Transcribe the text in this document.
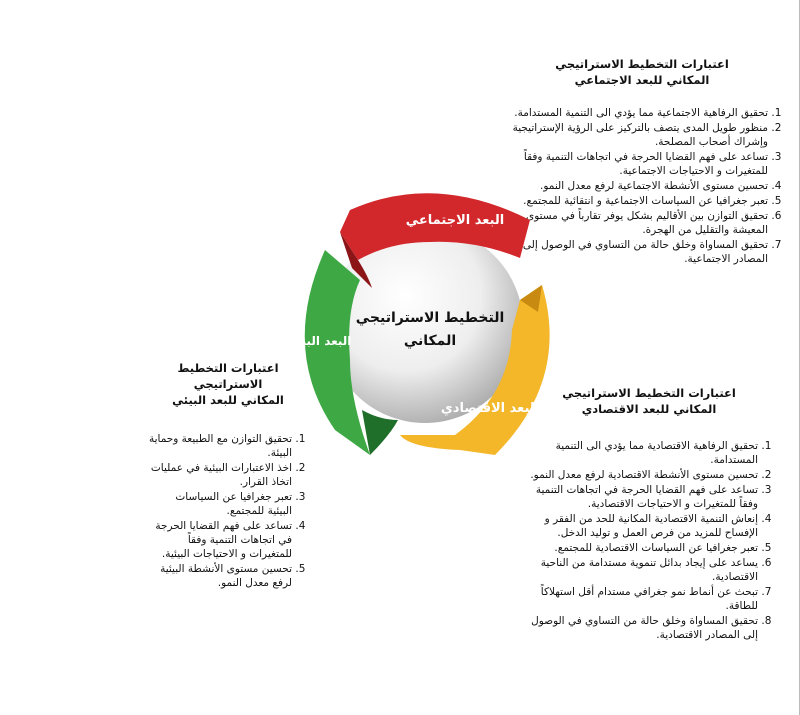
اعتبارات التخطيط الاستراتيجي
المكاني للبعد الاجتماعي
1. تحقيق الرفاهية الاجتماعية مما يؤدي الى التنمية المستدامة.
2. منظور طويل المدى يتصف بالتركيز على الرؤية الإستراتيجية وإشراك أصحاب المصلحة.
3. تساعد على فهم القضايا الحرجة في اتجاهات التنمية وفقاً للمتغيرات و الاحتياجات الاجتماعية.
4. تحسين مستوى الأنشطة الاجتماعية لرفع معدل النمو.
5. تعبر جغرافيا عن السياسات الاجتماعية و انتقائية للمجتمع.
6. تحقيق التوازن بين الأقاليم بشكل يوفر تقارباً في مستوى المعيشة والتقليل من الهجرة.
7. تحقيق المساواة وخلق حالة من التساوي في الوصول إلى المصادر الاجتماعية.
اعتبارات التخطيط الاستراتيجي
المكاني للبعد الاقتصادي
1. تحقيق الرفاهية الاقتصادية مما يؤدي الى التنمية المستدامة.
2. تحسين مستوى الأنشطة الاقتصادية لرفع معدل النمو.
3. تساعد على فهم القضايا الحرجة في اتجاهات التنمية وفقاً للمتغيرات و الاحتياجات الاقتصادية.
4. إنعاش التنمية الاقتصادية المكانية للحد من الفقر و الإفساح للمزيد من فرص العمل و توليد الدخل.
5. تعبر جغرافيا عن السياسات الاقتصادية للمجتمع.
6. يساعد على إيجاد بدائل تنموية مستدامة من الناحية الاقتصادية.
7. تبحث عن أنماط نمو جغرافي مستدام أقل استهلاكاً للطاقة.
8. تحقيق المساواة وخلق حالة من التساوي في الوصول إلى المصادر الاقتصادية.
اعتبارات التخطيط الاستراتيجي
المكاني للبعد البيئي
1. تحقيق التوازن مع الطبيعة وحماية البيئة.
2. اخذ الاعتبارات البيئية في عمليات اتخاذ القرار.
3. تعبر جغرافيا عن السياسات البيئية للمجتمع.
4. تساعد على فهم القضايا الحرجة في اتجاهات التنمية وفقاً للمتغيرات و الاحتياجات البيئية.
5. تحسين مستوى الأنشطة البيئية لرفع معدل النمو.
البعد الاجتماعي
البعد الاقتصادي
البعد البيئي
التخطيط الاستراتيجي
المكاني
